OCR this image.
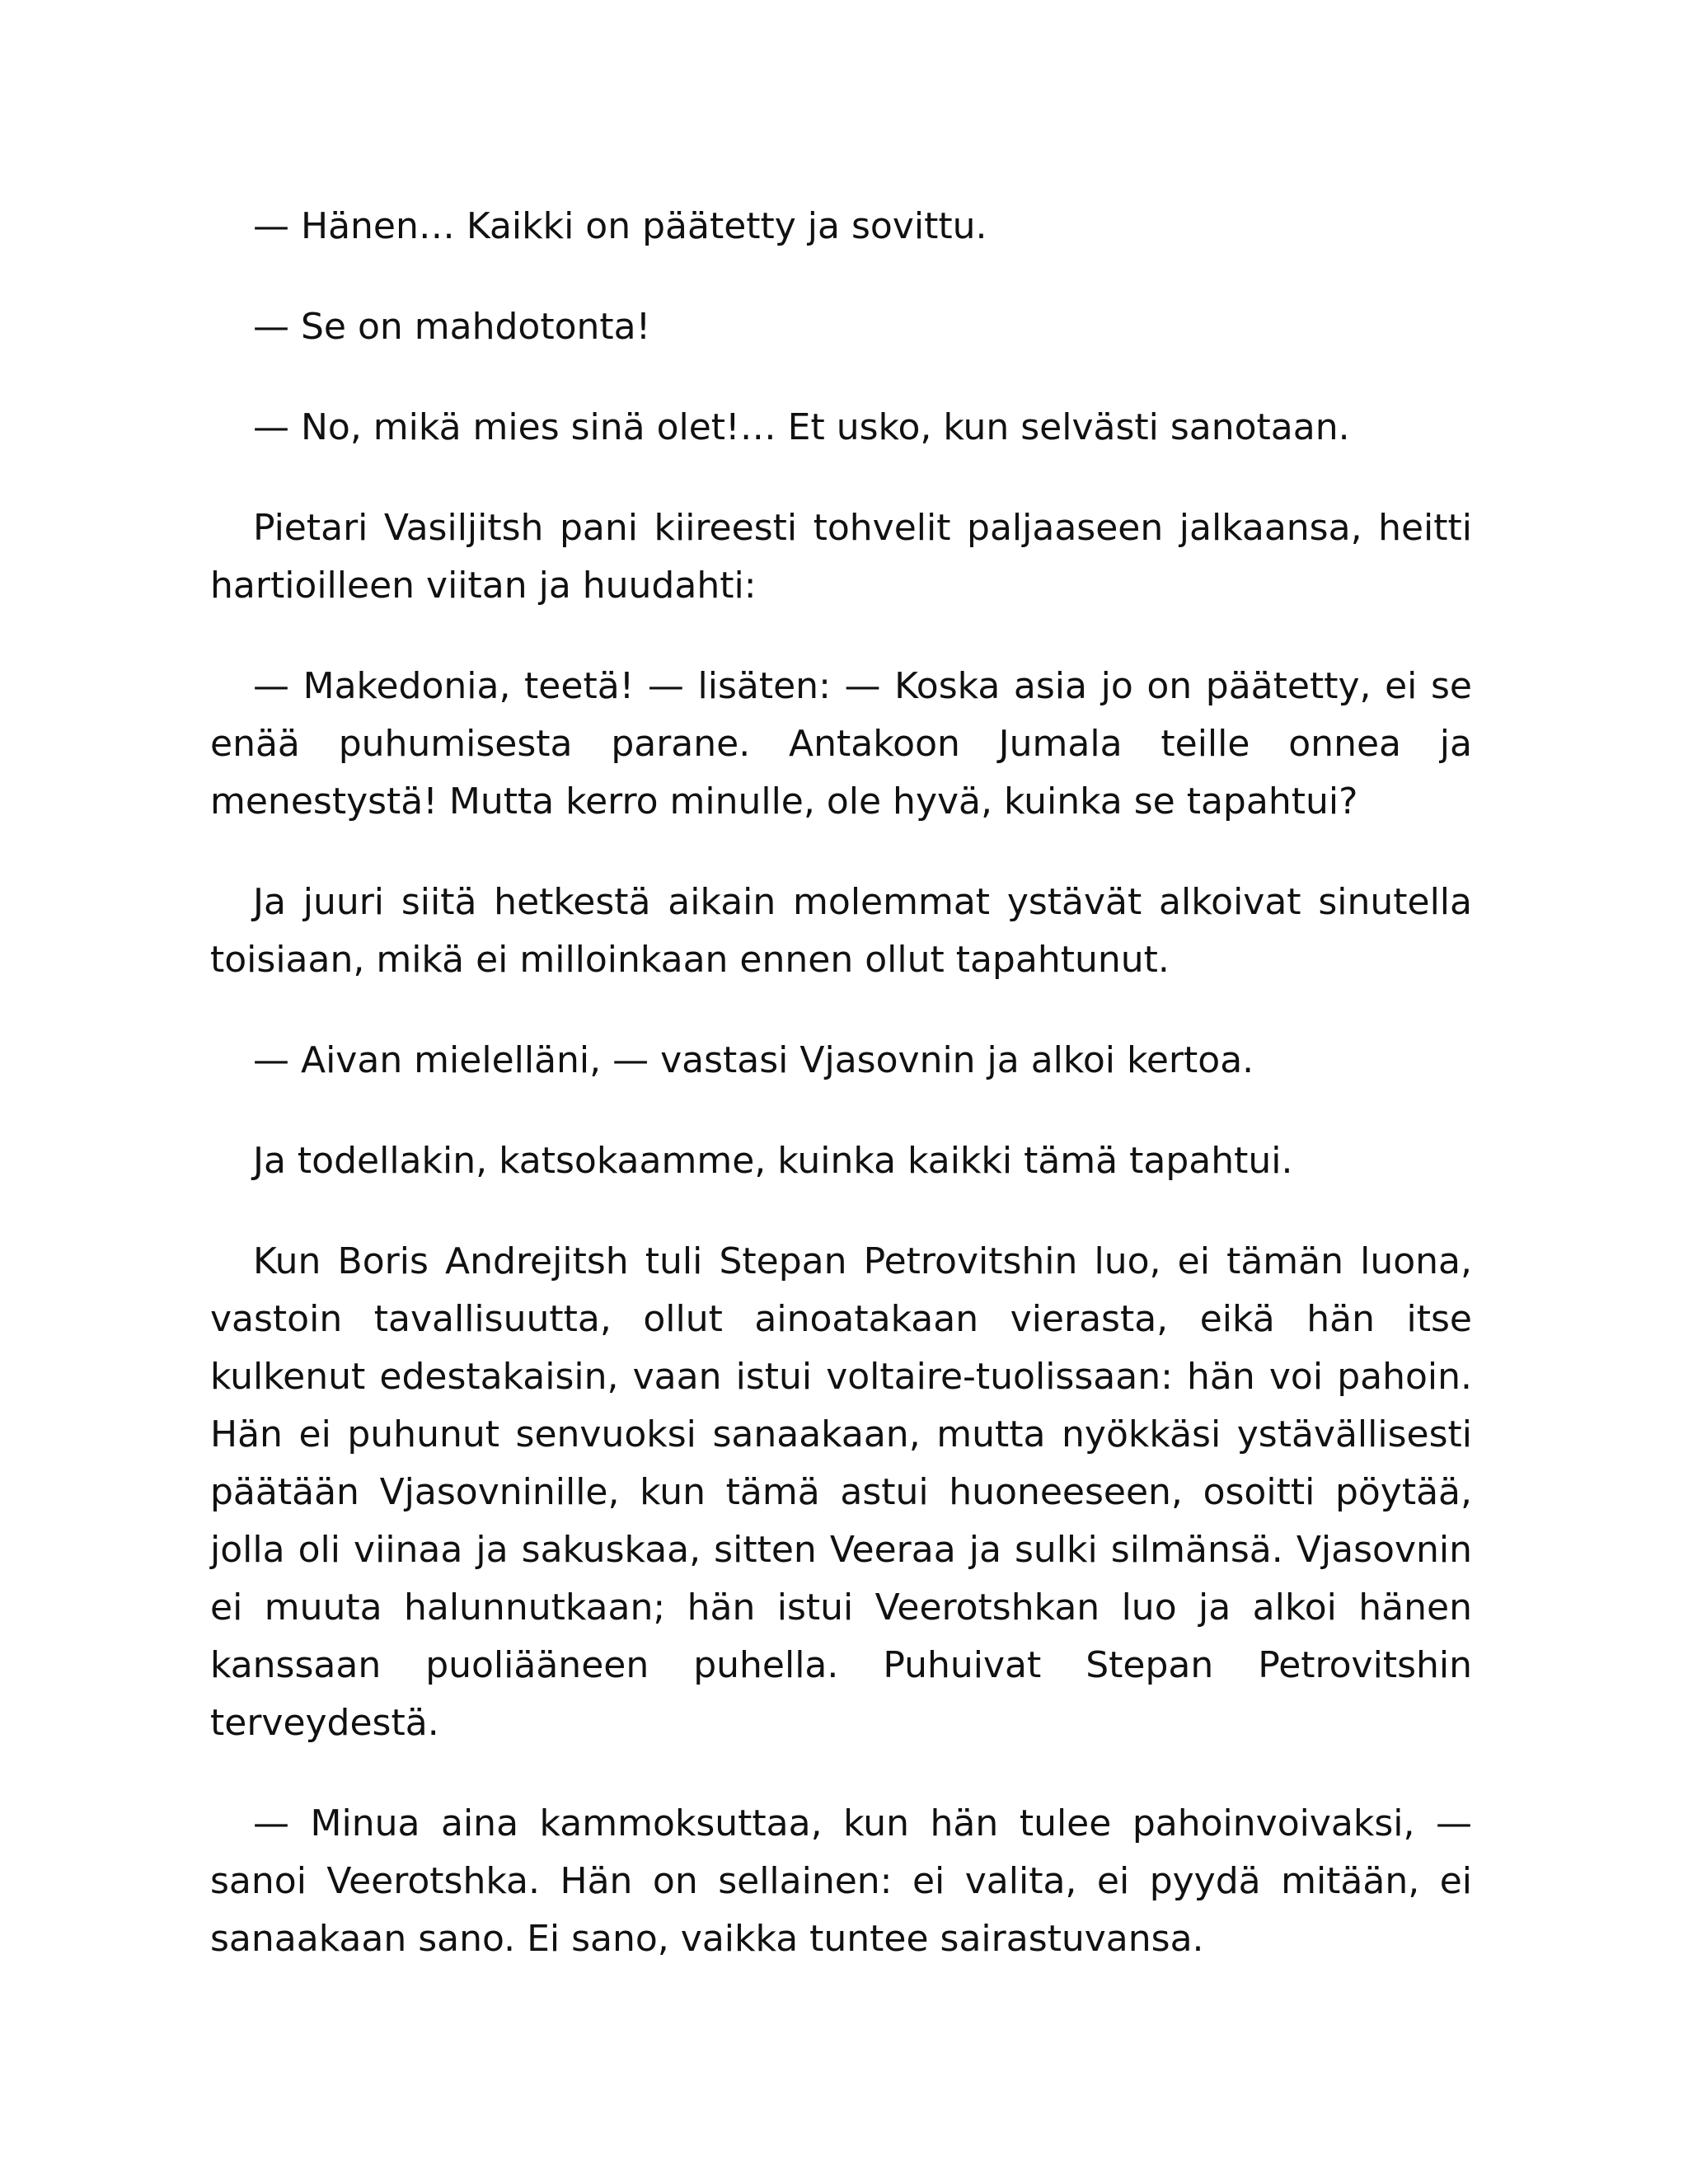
— Hänen… Kaikki on päätetty ja sovittu.

— Se on mahdotonta!

— No, mikä mies sinä olet!… Et usko, kun selvästi sanotaan.

Pietari Vasiljitsh pani kiireesti tohvelit paljaaseen jalkaansa, heitti hartioilleen viitan ja huudahti:

— Makedonia, teetä! — lisäten: — Koska asia jo on päätetty, ei se enää puhumisesta parane. Antakoon Jumala teille onnea ja menestystä! Mutta kerro minulle, ole hyvä, kuinka se tapahtui?

Ja juuri siitä hetkestä aikain molemmat ystävät alkoivat sinutella toisiaan, mikä ei milloinkaan ennen ollut tapahtunut.

— Aivan mielelläni, — vastasi Vjasovnin ja alkoi kertoa.

Ja todellakin, katsokaamme, kuinka kaikki tämä tapahtui.

Kun Boris Andrejitsh tuli Stepan Petrovitshin luo, ei tämän luona, vastoin tavallisuutta, ollut ainoatakaan vierasta, eikä hän itse kulkenut edestakaisin, vaan istui voltaire-tuolissaan: hän voi pahoin. Hän ei puhunut senvuoksi sanaakaan, mutta nyökkäsi ystävällisesti päätään Vjasovninille, kun tämä astui huoneeseen, osoitti pöytää, jolla oli viinaa ja sakuskaa, sitten Veeraa ja sulki silmänsä. Vjasovnin ei muuta halunnutkaan; hän istui Veerotshkan luo ja alkoi hänen kanssaan puoliääneen puhella. Puhuivat Stepan Petrovitshin terveydestä.

— Minua aina kammoksuttaa, kun hän tulee pahoinvoivaksi, — sanoi Veerotshka. Hän on sellainen: ei valita, ei pyydä mitään, ei sanaakaan sano. Ei sano, vaikka tuntee sairastuvansa.
